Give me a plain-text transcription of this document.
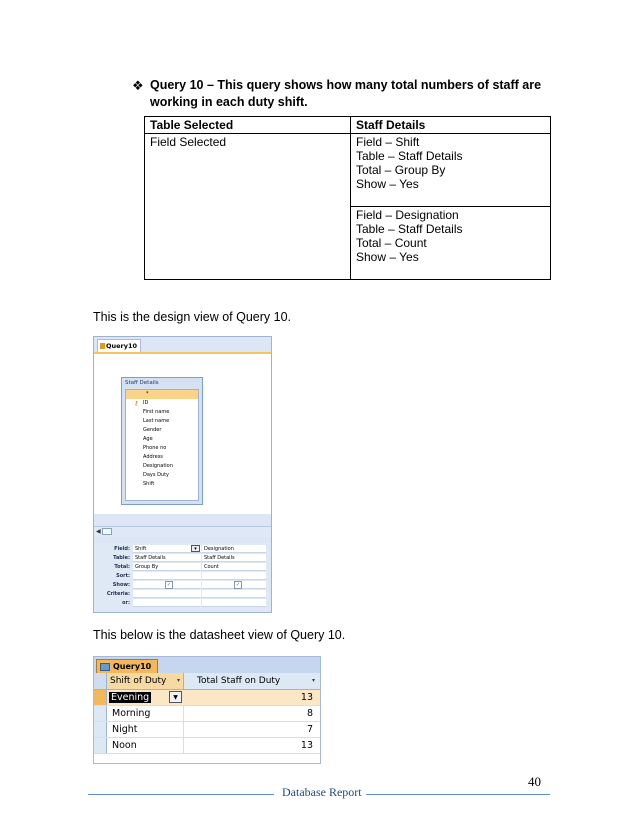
❖ Query 10 – This query shows how many total numbers of staff are
working in each duty shift.
Table Selected	Staff Details
Field Selected	Field – Shift
Table – Staff Details
Total – Group By
Show – Yes

	Field – Designation
Table – Staff Details
Total – Count
Show – Yes
This is the design view of Query 10.
Query10
Staff Details
*
⚷ ID
First name
Last name
Gender
Age
Phone no
Address
Designation
Days Duty
Shift
◀
Field:	Shift	▾	Designation
Table:	Staff Details	Staff Details
Total:	Group By	Count
Sort:
Show:	✓	✓
Criteria:
or:
This below is the datasheet view of Query 10.
Query10
Shift of Duty ▾	Total Staff on Duty	▾
Evening	▼	13
Morning	8
Night	7
Noon	13
40
Database Report
